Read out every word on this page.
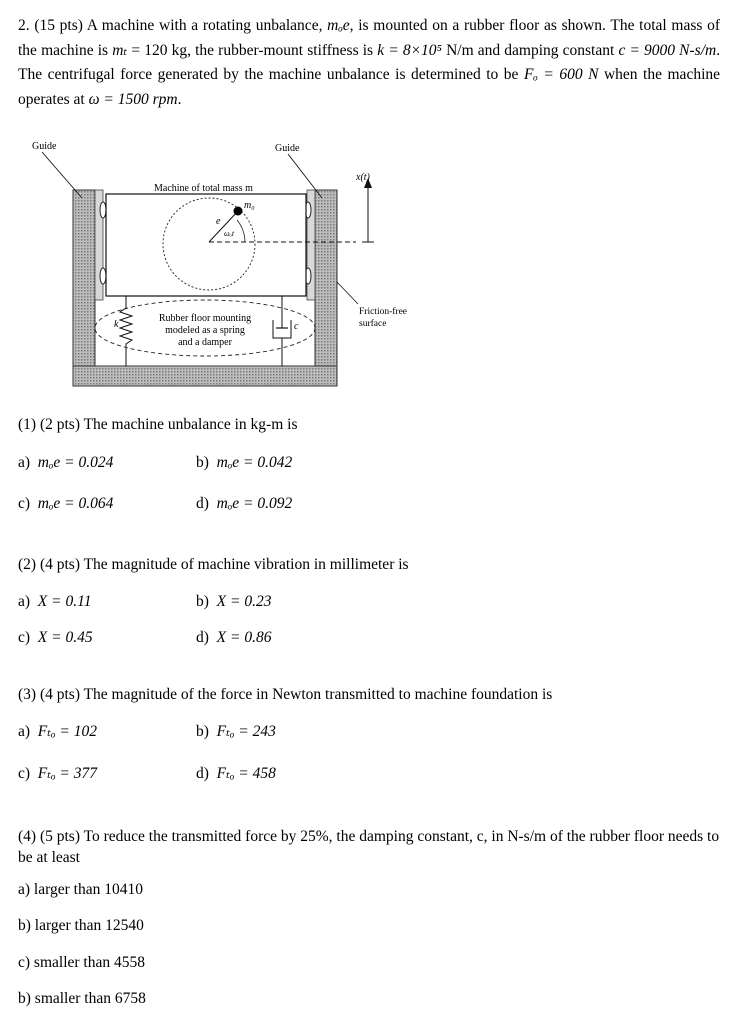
2. (15 pts) A machine with a rotating unbalance, mₒe, is mounted on a rubber floor as shown. The total mass of the machine is mₜ = 120 kg, the rubber-mount stiffness is k = 8×10⁵ N/m and damping constant c = 9000 N-s/m. The centrifugal force generated by the machine unbalance is determined to be Fₒ = 600 N when the machine operates at ω = 1500 rpm.
Machine of total mass m
m₀
e
ωₒt
x(t)
Guide	Guide
Friction-free
surface
k	c
Rubber floor mounting
modeled as a spring
and a damper
(1) (2 pts) The machine unbalance in kg-m is
a) mₒe = 0.024	b) mₒe = 0.042
c) mₒe = 0.064	d) mₒe = 0.092
(2) (4 pts) The magnitude of machine vibration in millimeter is
a) X = 0.11	b) X = 0.23
c) X = 0.45	d) X = 0.86
(3) (4 pts) The magnitude of the force in Newton transmitted to machine foundation is
a) Fₜₒ = 102	b) Fₜₒ = 243
c) Fₜₒ = 377	d) Fₜₒ = 458
(4) (5 pts) To reduce the transmitted force by 25%, the damping constant, c, in N-s/m of the rubber floor needs to be at least
a) larger than 10410
b) larger than 12540
c) smaller than 4558
b) smaller than 6758
